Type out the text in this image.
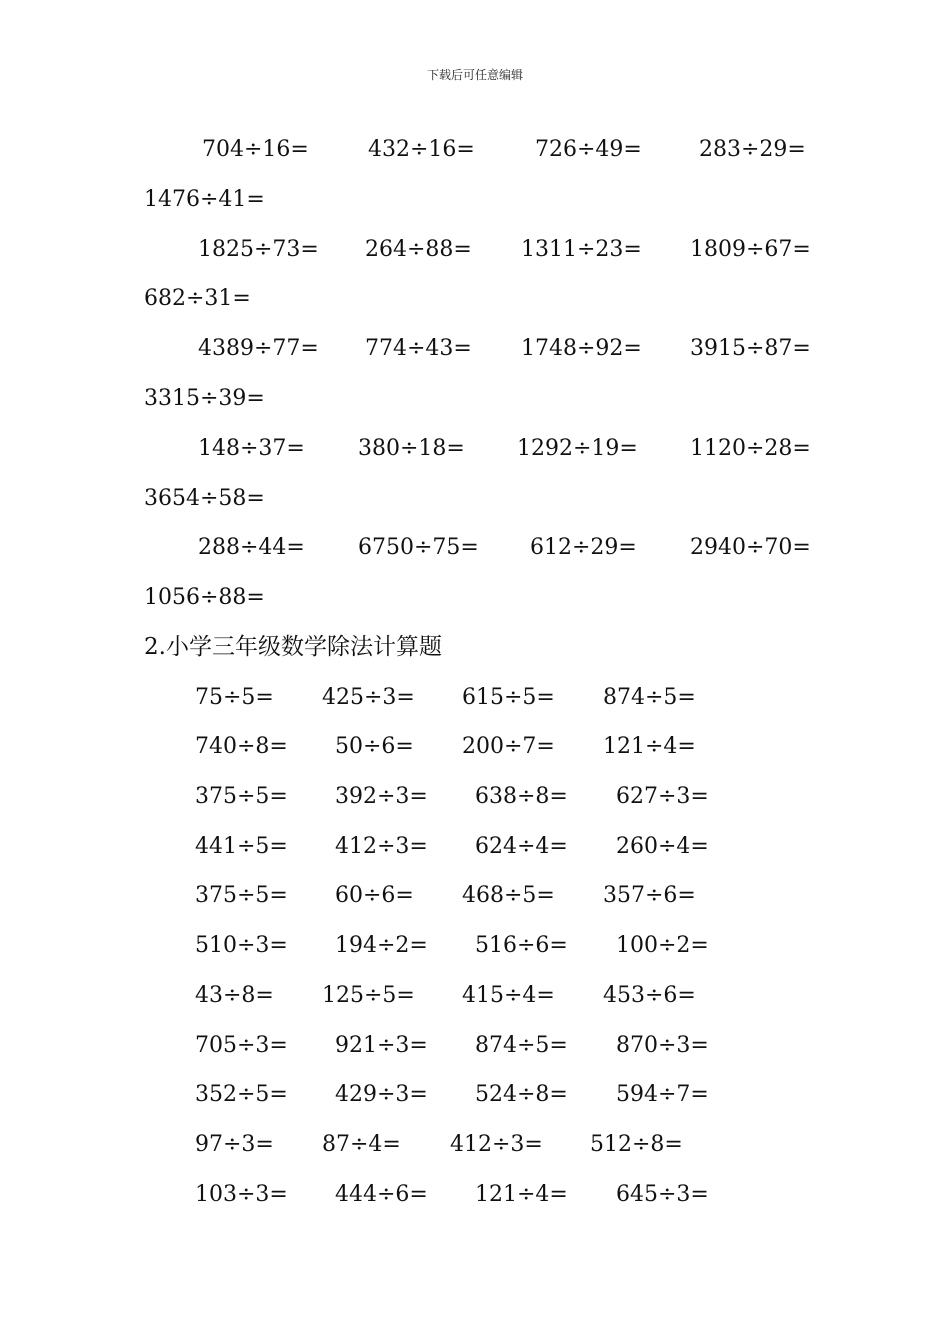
下载后可任意编辑
704÷16=	432÷16=	726÷49=	283÷29=
1476÷41=
1825÷73= 264÷88= 1311÷23= 1809÷67=
682÷31=
4389÷77= 774÷43= 1748÷92= 3915÷87=
3315÷39=
148÷37= 380÷18= 1292÷19= 1120÷28=
3654÷58=
288÷44= 6750÷75= 612÷29= 2940÷70=
1056÷88=
2.小学三年级数学除法计算题
75÷5= 425÷3= 615÷5= 874÷5=
740÷8= 50÷6= 200÷7= 121÷4=
375÷5= 392÷3= 638÷8= 627÷3=
441÷5= 412÷3= 624÷4= 260÷4=
375÷5= 60÷6= 468÷5= 357÷6=
510÷3= 194÷2= 516÷6= 100÷2=
43÷8= 125÷5= 415÷4= 453÷6=
705÷3= 921÷3= 874÷5= 870÷3=
352÷5= 429÷3= 524÷8= 594÷7=
97÷3= 87÷4= 412÷3= 512÷8=
103÷3= 444÷6= 121÷4= 645÷3=
